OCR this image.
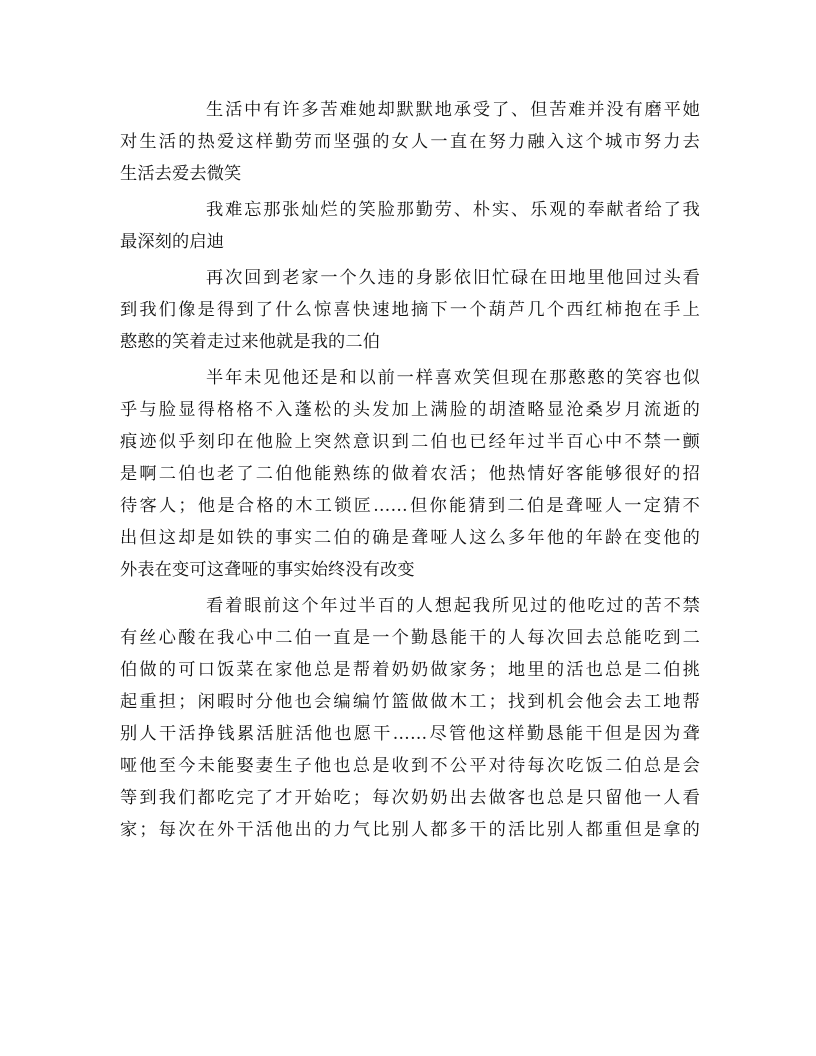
生活中有许多苦难她却默默地承受了、但苦难并没有磨平她
对生活的热爱这样勤劳而坚强的女人一直在努力融入这个城市努力去
生活去爱去微笑
我难忘那张灿烂的笑脸那勤劳、朴实、乐观的奉献者给了我
最深刻的启迪
再次回到老家一个久违的身影依旧忙碌在田地里他回过头看
到我们像是得到了什么惊喜快速地摘下一个葫芦几个西红柿抱在手上
憨憨的笑着走过来他就是我的二伯
半年未见他还是和以前一样喜欢笑但现在那憨憨的笑容也似
乎与脸显得格格不入蓬松的头发加上满脸的胡渣略显沧桑岁月流逝的
痕迹似乎刻印在他脸上突然意识到二伯也已经年过半百心中不禁一颤
是啊二伯也老了二伯他能熟练的做着农活；他热情好客能够很好的招
待客人；他是合格的木工锁匠……但你能猜到二伯是聋哑人一定猜不
出但这却是如铁的事实二伯的确是聋哑人这么多年他的年龄在变他的
外表在变可这聋哑的事实始终没有改变
看着眼前这个年过半百的人想起我所见过的他吃过的苦不禁
有丝心酸在我心中二伯一直是一个勤恳能干的人每次回去总能吃到二
伯做的可口饭菜在家他总是帮着奶奶做家务；地里的活也总是二伯挑
起重担；闲暇时分他也会编编竹篮做做木工；找到机会他会去工地帮
别人干活挣钱累活脏活他也愿干……尽管他这样勤恳能干但是因为聋
哑他至今未能娶妻生子他也总是收到不公平对待每次吃饭二伯总是会
等到我们都吃完了才开始吃；每次奶奶出去做客也总是只留他一人看
家；每次在外干活他出的力气比别人都多干的活比别人都重但是拿的
